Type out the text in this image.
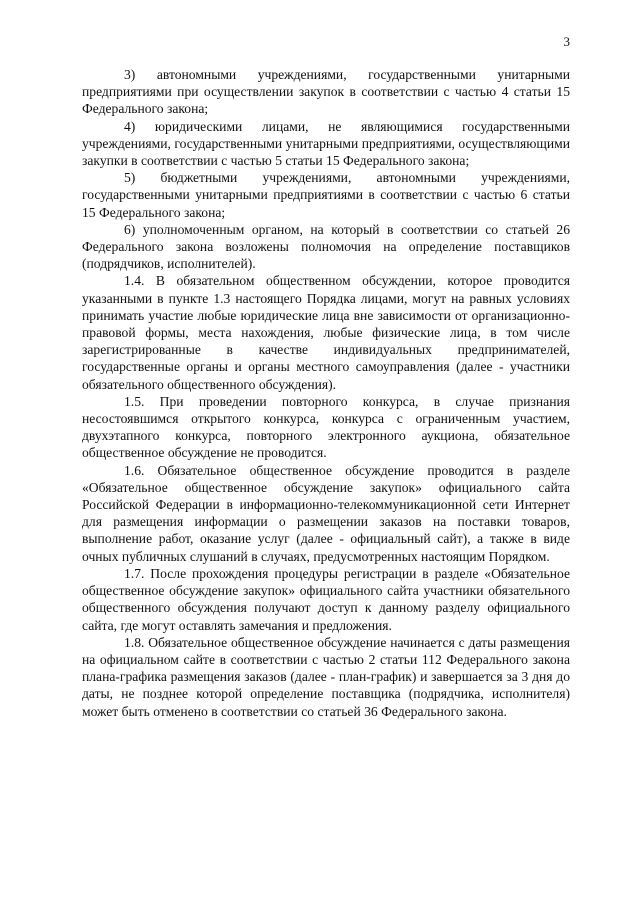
3

3) автономными учреждениями, государственными унитарными предприятиями при осуществлении закупок в соответствии с частью 4 статьи 15 Федерального закона;

4) юридическими лицами, не являющимися государственными учреждениями, государственными унитарными предприятиями, осуществляющими закупки в соответствии с частью 5 статьи 15 Федерального закона;

5) бюджетными учреждениями, автономными учреждениями, государственными унитарными предприятиями в соответствии с частью 6 статьи 15 Федерального закона;

6) уполномоченным органом, на который в соответствии со статьей 26 Федерального закона возложены полномочия на определение поставщиков (подрядчиков, исполнителей).

1.4. В обязательном общественном обсуждении, которое проводится указанными в пункте 1.3 настоящего Порядка лицами, могут на равных условиях принимать участие любые юридические лица вне зависимости от организационно-правовой формы, места нахождения, любые физические лица, в том числе зарегистрированные в качестве индивидуальных предпринимателей, государственные органы и органы местного самоуправления (далее - участники обязательного общественного обсуждения).

1.5. При проведении повторного конкурса, в случае признания несостоявшимся открытого конкурса, конкурса с ограниченным участием, двухэтапного конкурса, повторного электронного аукциона, обязательное общественное обсуждение не проводится.

1.6. Обязательное общественное обсуждение проводится в разделе «Обязательное общественное обсуждение закупок» официального сайта Российской Федерации в информационно-телекоммуникационной сети Интернет для размещения информации о размещении заказов на поставки товаров, выполнение работ, оказание услуг (далее - официальный сайт), а также в виде очных публичных слушаний в случаях, предусмотренных настоящим Порядком.

1.7. После прохождения процедуры регистрации в разделе «Обязательное общественное обсуждение закупок» официального сайта участники обязательного общественного обсуждения получают доступ к данному разделу официального сайта, где могут оставлять замечания и предложения.

1.8. Обязательное общественное обсуждение начинается с даты размещения на официальном сайте в соответствии с частью 2 статьи 112 Федерального закона плана-графика размещения заказов (далее - план-график) и завершается за 3 дня до даты, не позднее которой определение поставщика (подрядчика, исполнителя) может быть отменено в соответствии со статьей 36 Федерального закона.
